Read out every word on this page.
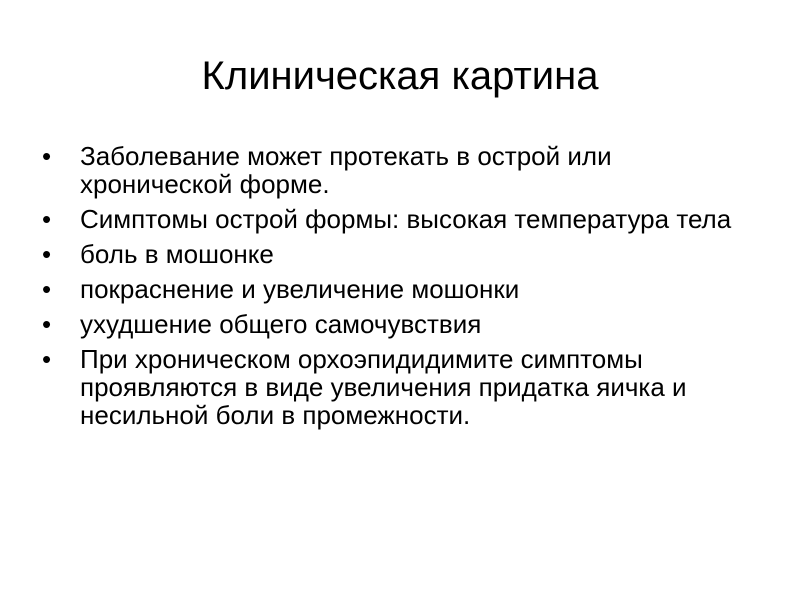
Клиническая картина
•	Заболевание может протекать в острой или хронической форме.
•	Симптомы острой формы: высокая температура тела
•	боль в мошонке
•	покраснение и увеличение мошонки
•	ухудшение общего самочувствия
•	При хроническом орхоэпидидимите симптомы проявляются в виде увеличения придатка яичка и несильной боли в промежности.
